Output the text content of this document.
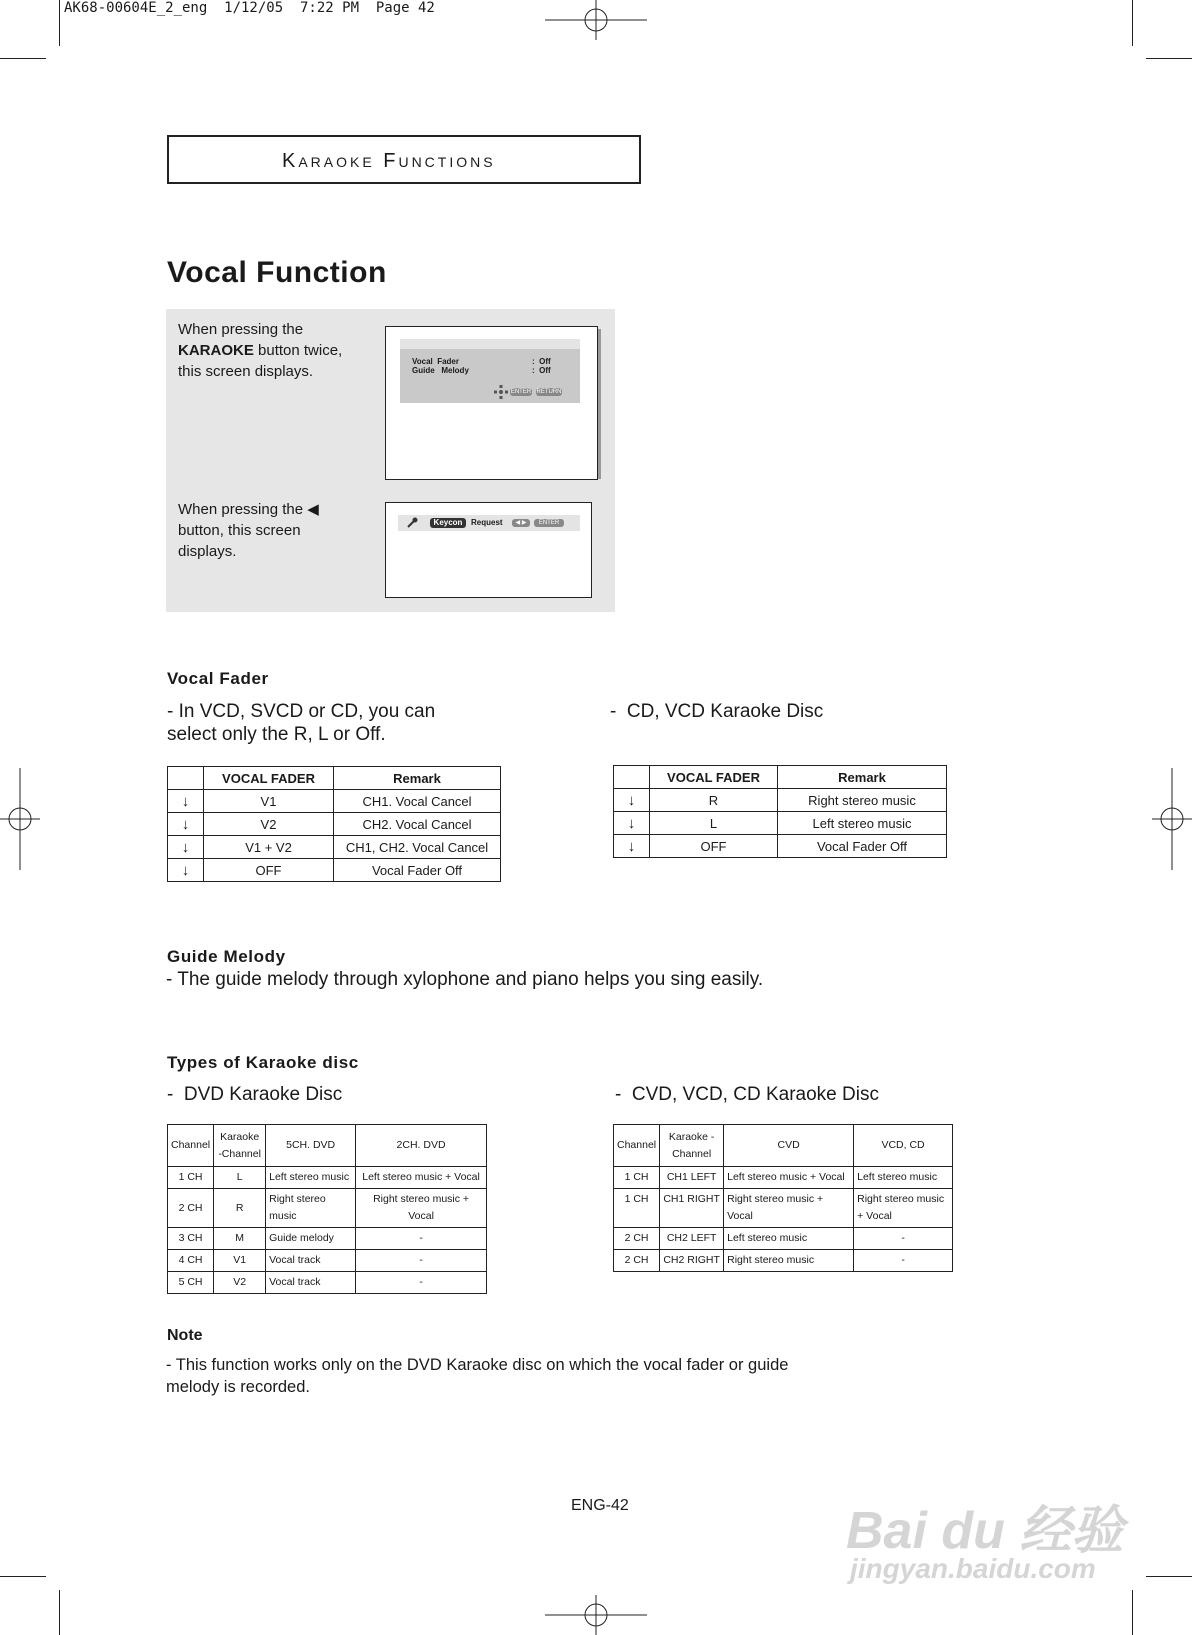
AK68-00604E_2_eng  1/12/05  7:22 PM  Page 42
Karaoke Functions
Vocal Function
When pressing the
KARAOKE button twice, this screen displays.
Vocal  Fader	:  Off
Guide   Melody	:  Off
ENTER RETURN
When pressing the ◀ button, this screen displays.
Keycon	Request	◀ ▶	ENTER
Vocal Fader
- In VCD, SVCD or CD, you can select only the R, L or Off.
-  CD, VCD Karaoke Disc
	VOCAL FADER	Remark
↓	V1	CH1. Vocal Cancel
↓	V2	CH2. Vocal Cancel
↓	V1 + V2	CH1, CH2. Vocal Cancel
↓	OFF	Vocal Fader Off
	VOCAL FADER	Remark
↓	R	Right stereo music
↓	L	Left stereo music
↓	OFF	Vocal Fader Off
Guide Melody
- The guide melody through xylophone and piano helps you sing easily.
Types of Karaoke disc
-  DVD Karaoke Disc	-  CVD, VCD, CD Karaoke Disc
Channel	Karaoke -Channel	5CH. DVD	2CH. DVD
1 CH	L	Left stereo music	Left stereo music + Vocal
2 CH	R	Right stereo music	Right stereo music + Vocal
3 CH	M	Guide melody	-
4 CH	V1	Vocal track	-
5 CH	V2	Vocal track	-
Channel	Karaoke -Channel	CVD	VCD, CD
1 CH	CH1 LEFT	Left stereo music + Vocal	Left stereo music
1 CH	CH1 RIGHT	Right stereo music + Vocal	Right stereo music + Vocal
2 CH	CH2 LEFT	Left stereo music	-
2 CH	CH2 RIGHT	Right stereo music	-
Note
- This function works only on the DVD Karaoke disc on which the vocal fader or guide melody is recorded.
ENG-42	Bai du 经验
jingyan.baidu.com
